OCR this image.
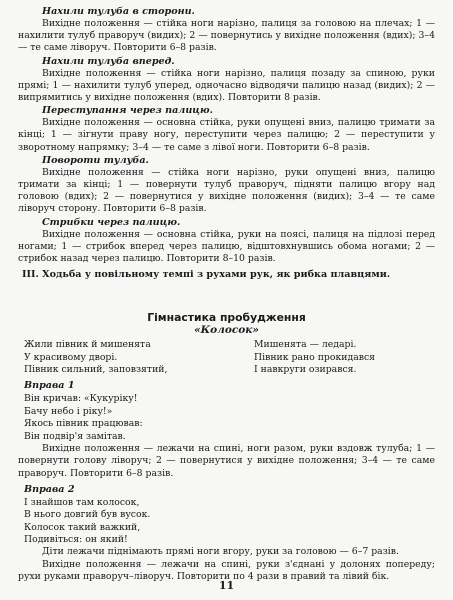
Нахили тулуба в сторони.

Вихідне положення — стійка ноги нарізно, палиця за головою на плечах; 1 — нахилити тулуб праворуч (видих); 2 — повернутись у вихідне положення (вдих); 3–4 — те саме ліворуч. Повторити 6–8 разів.

Нахили тулуба вперед.

Вихідне положення — стійка ноги нарізно, палиця позаду за спиною, руки прямі; 1 — нахилити тулуб уперед, одночасно відводячи палицю назад (видих); 2 — випрямитись у вихідне положення (вдих). Повторити 8 разів.

Переступання через палицю.

Вихідне положення — основна стійка, руки опущені вниз, палицю тримати за кінці; 1 — зігнути праву ногу, переступити через палицю; 2 — переступити у зворотному напрямку; 3–4 — те саме з лівої ноги. Повторити 6–8 разів.

Повороти тулуба.

Вихідне положення — стійка ноги нарізно, руки опущені вниз, палицю тримати за кінці; 1 — повернути тулуб праворуч, підняти палицю вгору над головою (вдих); 2 — повернутися у вихідне положення (видих); 3–4 — те саме ліворуч сторону. Повторити 6–8 разів.

Стрибки через палицю.

Вихідне положення — основна стійка, руки на поясі, палиця на підлозі перед ногами; 1 — стрибок вперед через палицю, відштовхнувшись обома ногами; 2 — стрибок назад через палицю. Повторити 8–10 разів.

ІІІ. Ходьба у повільному темпі з рухами рук, як рибка плавцями.
Гімнастика пробудження
«Колосок»
Жили півник й мишенята
У красивому дворі.
Півник сильний, заповзятий,
Мишенята — ледарі.
Півник рано прокидався
І навкруги озирався.
Вправа 1
Він кричав: «Кукуріку!
Бачу небо і ріку!»
Якось півник працював:
Він подвір'я замітав.

Вихідне положення — лежачи на спині, ноги разом, руки вздовж тулуба; 1 — повернути голову ліворуч; 2 — повернутися у вихідне положення; 3–4 — те саме праворуч. Повторити 6–8 разів.

Вправа 2
І знайшов там колосок,
В нього довгий був вусок.
Колосок такий важкий,
Подивіться: он який!

Діти лежачи піднімають прямі ноги вгору, руки за головою — 6–7 разів.

Вихідне положення — лежачи на спині, руки з'єднані у долонях попереду; рухи руками праворуч–ліворуч. Повторити по 4 рази в правий та лівий бік.

11
